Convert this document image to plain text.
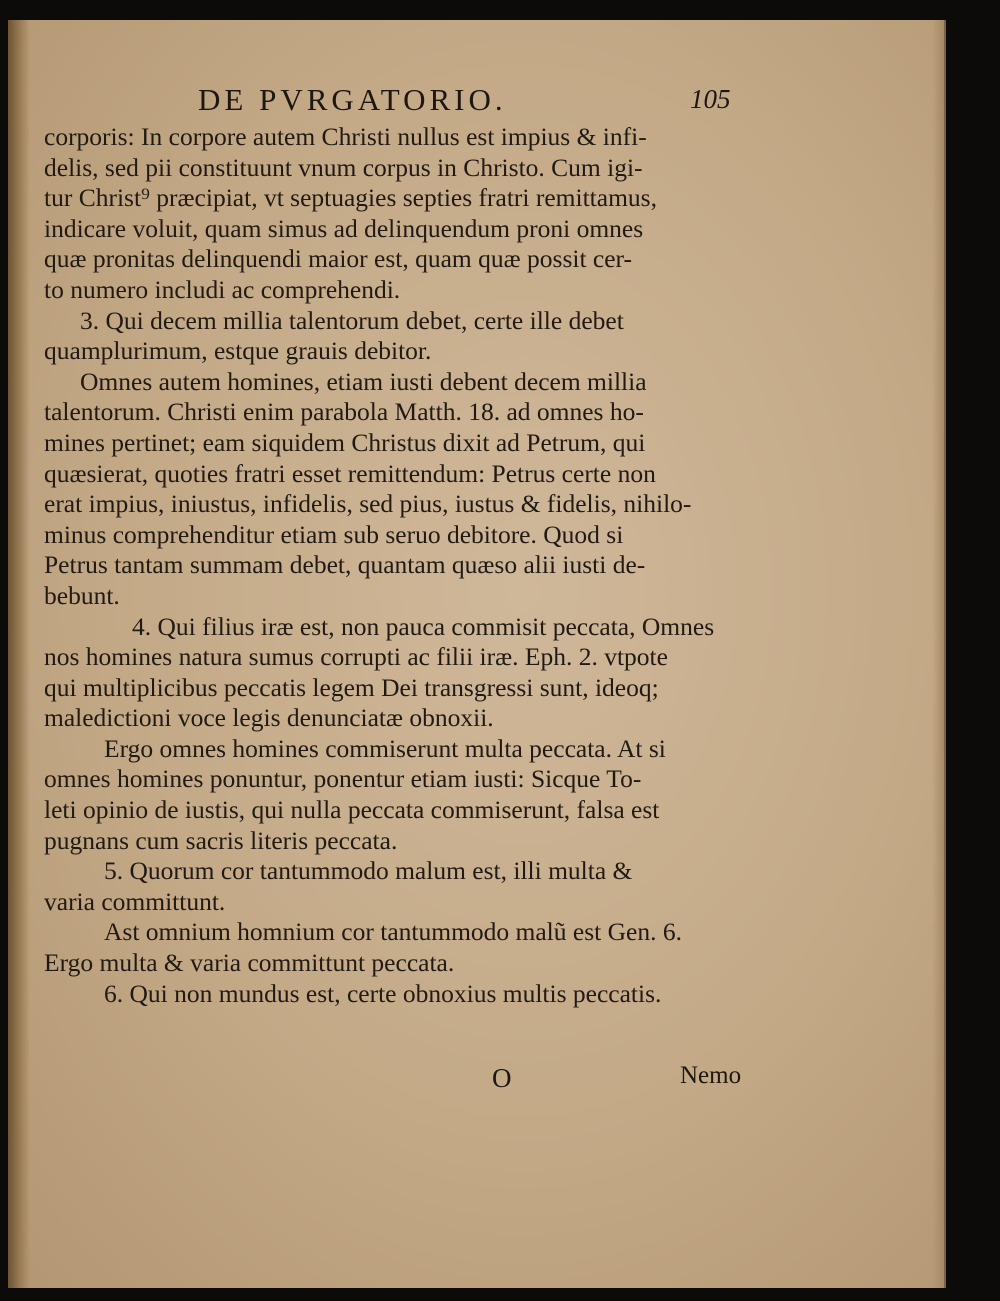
DE PVRGATORIO.	105
corporis: In corpore autem Christi nullus est impius & infi-
delis, sed pii constituunt vnum corpus in Christo. Cum igi-
tur Christ⁹ præcipiat, vt septuagies septies fratri remittamus,
indicare voluit, quam simus ad delinquendum proni omnes
quæ pronitas delinquendi maior est, quam quæ possit cer-
to numero includi ac comprehendi.
3. Qui decem millia talentorum debet, certe ille debet
quamplurimum, estque grauis debitor.
Omnes autem homines, etiam iusti debent decem millia
talentorum. Christi enim parabola Matth. 18. ad omnes ho-
mines pertinet; eam siquidem Christus dixit ad Petrum, qui
quæsierat, quoties fratri esset remittendum: Petrus certe non
erat impius, iniustus, infidelis, sed pius, iustus & fidelis, nihilo-
minus comprehenditur etiam sub seruo debitore. Quod si
Petrus tantam summam debet, quantam quæso alii iusti de-
bebunt.
4. Qui filius iræ est, non pauca commisit peccata, Omnes
nos homines natura sumus corrupti ac filii iræ. Eph. 2. vtpote
qui multiplicibus peccatis legem Dei transgressi sunt, ideoq;
maledictioni voce legis denunciatæ obnoxii.
Ergo omnes homines commiserunt multa peccata. At si
omnes homines ponuntur, ponentur etiam iusti: Sicque To-
leti opinio de iustis, qui nulla peccata commiserunt, falsa est
pugnans cum sacris literis peccata.
5. Quorum cor tantummodo malum est, illi multa &
varia committunt.
Ast omnium homnium cor tantummodo malũ est Gen. 6.
Ergo multa & varia committunt peccata.
6. Qui non mundus est, certe obnoxius multis peccatis.
O	Nemo
